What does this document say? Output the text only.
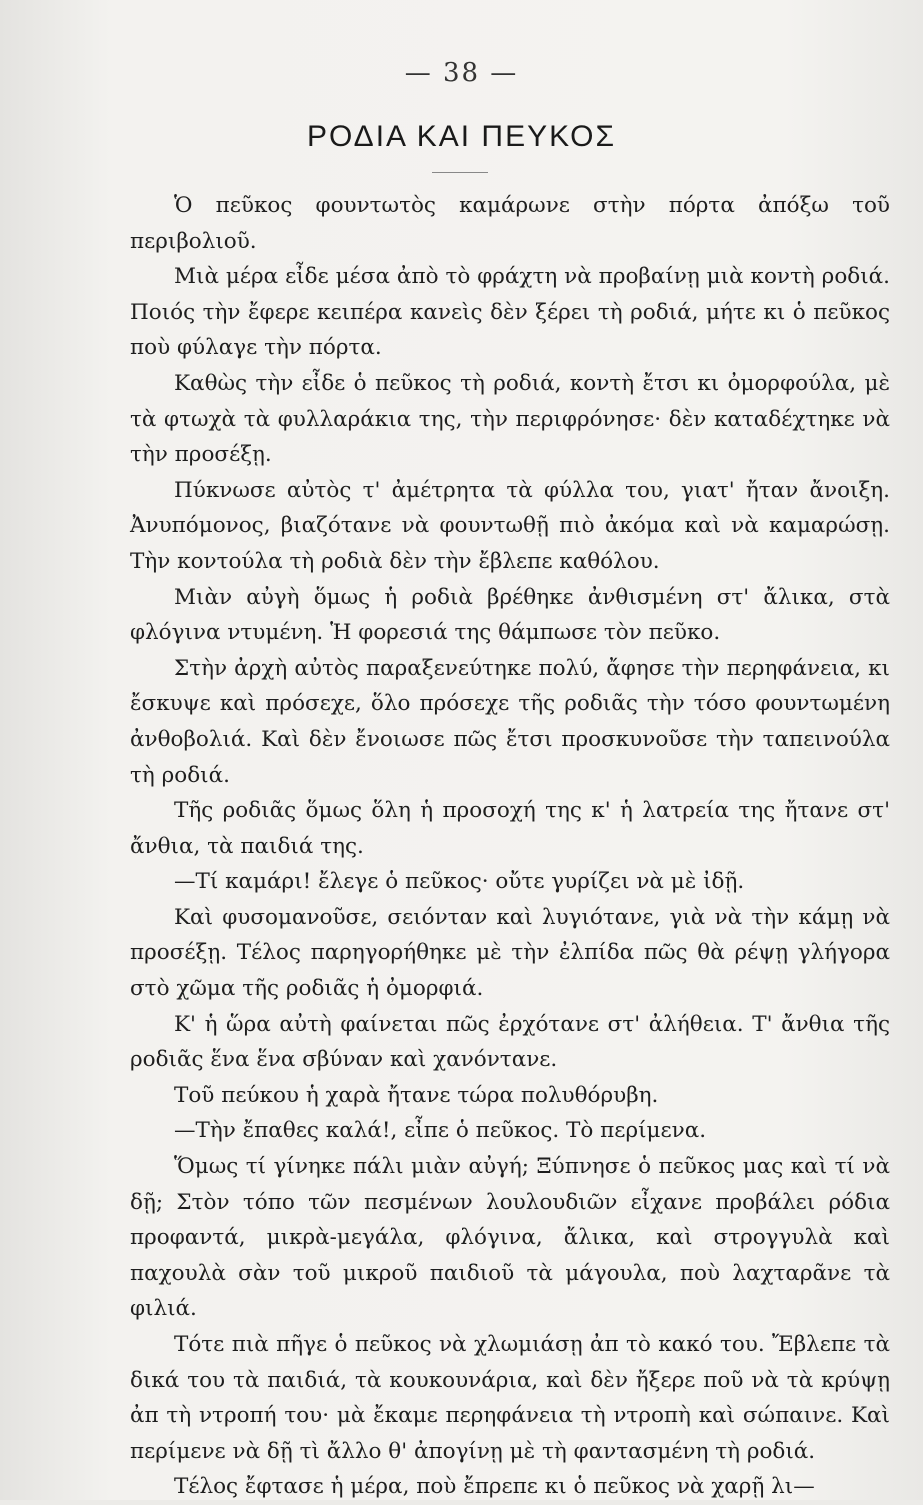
— 38 —
ΡΟΔΙΑ ΚΑΙ ΠΕΥΚΟΣ

Ὁ πεῦκος φουντωτὸς καμάρωνε στὴν πόρτα ἀπόξω τοῦ περιβολιοῦ.

Μιὰ μέρα εἶδε μέσα ἀπὸ τὸ φράχτη νὰ προβαίνῃ μιὰ κοντὴ ροδιά. Ποιός τὴν ἔφερε κειπέρα κανεὶς δὲν ξέρει τὴ ροδιά, μήτε κι ὁ πεῦκος ποὺ φύλαγε τὴν πόρτα.

Καθὼς τὴν εἶδε ὁ πεῦκος τὴ ροδιά, κοντὴ ἔτσι κι ὀμορφούλα, μὲ τὰ φτωχὰ τὰ φυλλαράκια της, τὴν περιφρόνησε· δὲν καταδέχτηκε νὰ τὴν προσέξῃ.

Πύκνωσε αὐτὸς τ' ἀμέτρητα τὰ φύλλα του, γιατ' ἤταν ἄνοιξη. Ἀνυπόμονος, βιαζότανε νὰ φουντωθῇ πιὸ ἀκόμα καὶ νὰ καμαρώσῃ. Τὴν κοντούλα τὴ ροδιὰ δὲν τὴν ἔβλεπε καθόλου.

Μιὰν αὐγὴ ὅμως ἡ ροδιὰ βρέθηκε ἀνθισμένη στ' ἄλικα, στὰ φλόγινα ντυμένη. Ἡ φορεσιά της θάμπωσε τὸν πεῦκο.

Στὴν ἀρχὴ αὐτὸς παραξενεύτηκε πολύ, ἄφησε τὴν περηφάνεια, κι ἔσκυψε καὶ πρόσεχε, ὅλο πρόσεχε τῆς ροδιᾶς τὴν τόσο φουντωμένη ἀνθοβολιά. Καὶ δὲν ἔνοιωσε πῶς ἔτσι προσκυνοῦσε τὴν ταπεινούλα τὴ ροδιά.

Τῆς ροδιᾶς ὅμως ὅλη ἡ προσοχή της κ' ἡ λατρεία της ἤτανε στ' ἄνθια, τὰ παιδιά της.

—Τί καμάρι! ἔλεγε ὁ πεῦκος· οὔτε γυρίζει νὰ μὲ ἰδῇ.

Καὶ φυσομανοῦσε, σειόνταν καὶ λυγιότανε, γιὰ νὰ τὴν κάμῃ νὰ προσέξῃ. Τέλος παρηγορήθηκε μὲ τὴν ἐλπίδα πῶς θὰ ρέψῃ γλήγορα στὸ χῶμα τῆς ροδιᾶς ἡ ὀμορφιά.

Κ' ἡ ὥρα αὐτὴ φαίνεται πῶς ἐρχότανε στ' ἀλήθεια. Τ' ἄνθια τῆς ροδιᾶς ἕνα ἕνα σβύναν καὶ χανόντανε.

Τοῦ πεύκου ἡ χαρὰ ἤτανε τώρα πολυθόρυβη.

—Τὴν ἔπαθες καλά!, εἶπε ὁ πεῦκος. Τὸ περίμενα.

Ὅμως τί γίνηκε πάλι μιὰν αὐγή; Ξύπνησε ὁ πεῦκος μας καὶ τί νὰ δῇ; Στὸν τόπο τῶν πεσμένων λουλουδιῶν εἶχανε προβάλει ρόδια προφαντά, μικρὰ-μεγάλα, φλόγινα, ἄλικα, καὶ στρογγυλὰ καὶ παχουλὰ σὰν τοῦ μικροῦ παιδιοῦ τὰ μάγουλα, ποὺ λαχταρᾶνε τὰ φιλιά.

Τότε πιὰ πῆγε ὁ πεῦκος νὰ χλωμιάσῃ ἀπ τὸ κακό του. Ἔβλεπε τὰ δικά του τὰ παιδιά, τὰ κουκουνάρια, καὶ δὲν ἤξερε ποῦ νὰ τὰ κρύψῃ ἀπ τὴ ντροπή του· μὰ ἔκαμε περηφάνεια τὴ ντροπὴ καὶ σώπαινε. Καὶ περίμενε νὰ δῇ τὶ ἄλλο θ' ἀπογίνῃ μὲ τὴ φαντασμένη τὴ ροδιά.

Τέλος ἔφτασε ἡ μέρα, ποὺ ἔπρεπε κι ὁ πεῦκος νὰ χαρῇ λι—
